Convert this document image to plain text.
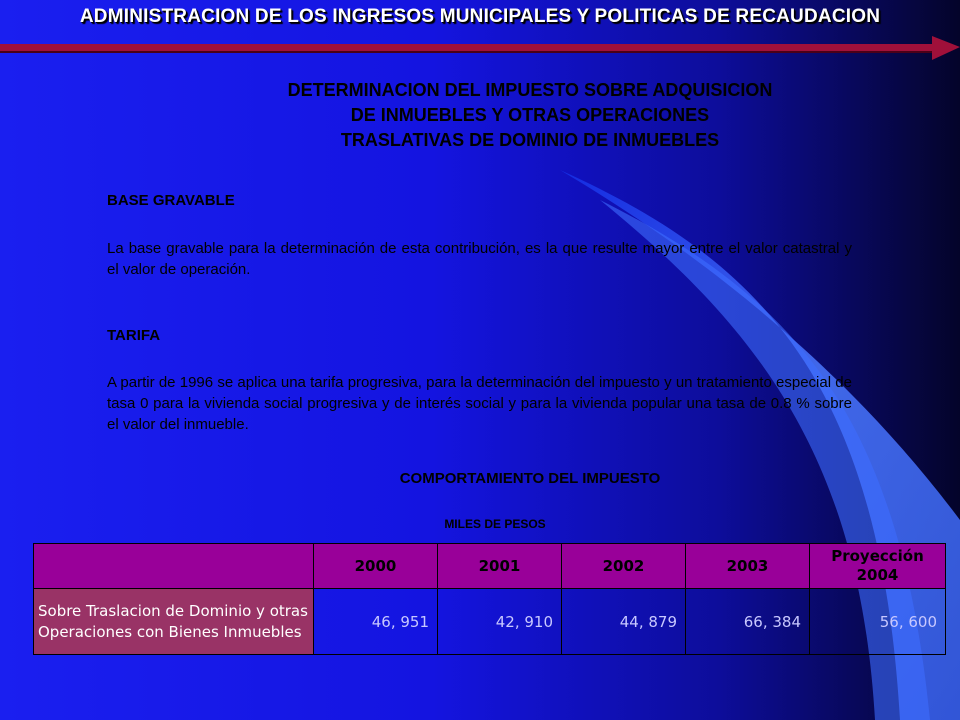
ADMINISTRACION DE LOS INGRESOS MUNICIPALES Y POLITICAS DE RECAUDACION
DETERMINACION DEL IMPUESTO SOBRE ADQUISICION
DE INMUEBLES Y OTRAS OPERACIONES
TRASLATIVAS DE DOMINIO DE INMUEBLES
BASE GRAVABLE
La base gravable para la determinación de esta contribución, es la que resulte mayor entre el valor catastral y el valor de operación.
TARIFA
A partir de 1996 se aplica una tarifa progresiva, para la determinación del impuesto y un tratamiento especial de tasa 0 para la vivienda social progresiva y de interés social y para la vivienda popular una tasa de 0.8 % sobre el valor del inmueble.
COMPORTAMIENTO DEL IMPUESTO
MILES DE PESOS
	2000	2001	2002	2003	Proyección 2004
Sobre Traslacion de Dominio y otras Operaciones con Bienes Inmuebles	46, 951	42, 910	44, 879	66, 384	56, 600
